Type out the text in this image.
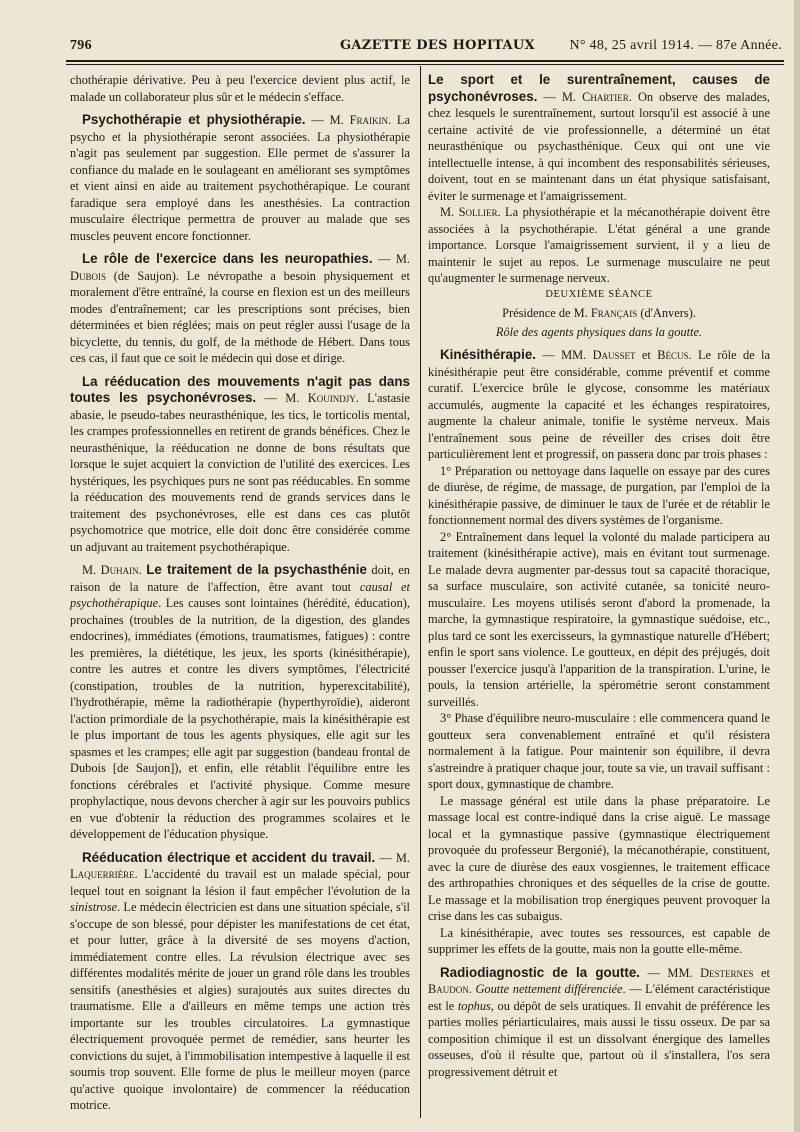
796	GAZETTE DES HOPITAUX N° 48, 25 avril 1914. — 87e Année.

chothérapie dérivative. Peu à peu l'exercice devient plus actif, le malade un collaborateur plus sûr et le médecin s'efface.

Psychothérapie et physiothérapie. — M. Fraikin. La psycho et la physiothérapie seront associées. La physiothérapie n'agit pas seulement par suggestion. Elle permet de s'assurer la confiance du malade en le soulageant en améliorant ses symptômes et vient ainsi en aide au traitement psychothérapique. Le courant faradique sera employé dans les anesthésies. La contraction musculaire électrique permettra de prouver au malade que ses muscles peuvent encore fonctionner.

Le rôle de l'exercice dans les neuropathies. — M. Dubois (de Saujon). Le névropathe a besoin physiquement et moralement d'être entraîné, la course en flexion est un des meilleurs modes d'entraînement; car les prescriptions sont précises, bien déterminées et bien réglées; mais on peut régler aussi l'usage de la bicyclette, du tennis, du golf, de la méthode de Hébert. Dans tous ces cas, il faut que ce soit le médecin qui dose et dirige.

La rééducation des mouvements n'agit pas dans toutes les psychonévroses. — M. Kouindjy. L'astasie abasie, le pseudo-tabes neurasthénique, les tics, le torticolis mental, les crampes professionnelles en retirent de grands bénéfices. Chez le neurasthénique, la rééducation ne donne de bons résultats que lorsque le sujet acquiert la conviction de l'utilité des exercices. Les hystériques, les psychiques purs ne sont pas rééducables. En somme la rééducation des mouvements rend de grands services dans le traitement des psychonévroses, elle est dans ces cas plutôt psychomotrice que motrice, elle doit donc être considérée comme un adjuvant au traitement psychothérapique.

M. Duhain. Le traitement de la psychasthénie doit, en raison de la nature de l'affection, être avant tout causal et psychothérapique. Les causes sont lointaines (hérédité, éducation), prochaines (troubles de la nutrition, de la digestion, des glandes endocrines), immédiates (émotions, traumatismes, fatigues) : contre les premières, la diététique, les jeux, les sports (kinésithérapie), contre les autres et contre les divers symptômes, l'électricité (constipation, troubles de la nutrition, hyperexcitabilité), l'hydrothérapie, même la radiothérapie (hyperthyroïdie), aideront l'action primordiale de la psychothérapie, mais la kinésithérapie est le plus important de tous les agents physiques, elle agit sur les spasmes et les crampes; elle agit par suggestion (bandeau frontal de Dubois [de Saujon]), et enfin, elle rétablit l'équilibre entre les fonctions cérébrales et l'activité physique. Comme mesure prophylactique, nous devons chercher à agir sur les pouvoirs publics en vue d'obtenir la réduction des programmes scolaires et le développement de l'éducation physique.

Rééducation électrique et accident du travail. — M. Laquerrière. L'accidenté du travail est un malade spécial, pour lequel tout en soignant la lésion il faut empêcher l'évolution de la sinistrose. Le médecin électricien est dans une situation spéciale, s'il s'occupe de son blessé, pour dépister les manifestations de cet état, et pour lutter, grâce à la diversité de ses moyens d'action, immédiatement contre elles. La révulsion électrique avec ses différentes modalités mérite de jouer un grand rôle dans les troubles sensitifs (anesthésies et algies) surajoutés aux suites directes du traumatisme. Elle a d'ailleurs en même temps une action très importante sur les troubles circulatoires. La gymnastique électriquement provoquée permet de remédier, sans heurter les convictions du sujet, à l'immobilisation intempestive à laquelle il est soumis trop souvent. Elle forme de plus le meilleur moyen (parce qu'active quoique involontaire) de commencer la rééducation motrice.

Le sport et le surentraînement, causes de psychonévroses. — M. Chartier. On observe des malades, chez lesquels le surentraînement, surtout lorsqu'il est associé à une certaine activité de vie professionnelle, a déterminé un état neurasthénique ou psychasthénique. Ceux qui ont une vie intellectuelle intense, à qui incombent des responsabilités sérieuses, doivent, tout en se maintenant dans un état physique satisfaisant, éviter le surmenage et l'amaigrissement.

M. Sollier. La physiothérapie et la mécanothérapie doivent être associées à la psychothérapie. L'état général a une grande importance. Lorsque l'amaigrissement survient, il y a lieu de maintenir le sujet au repos. Le surmenage musculaire ne peut qu'augmenter le surmenage nerveux.

DEUXIÈME SÉANCE

Présidence de M. Français (d'Anvers).

Rôle des agents physiques dans la goutte.

Kinésithérapie. — MM. Dausset et Bécus. Le rôle de la kinésithérapie peut être considérable, comme préventif et comme curatif. L'exercice brûle le glycose, consomme les matériaux accumulés, augmente la capacité et les échanges respiratoires, augmente la chaleur animale, tonifie le système nerveux. Mais l'entraînement sous peine de réveiller des crises doit être particulièrement lent et progressif, on passera donc par trois phases :

1° Préparation ou nettoyage dans laquelle on essaye par des cures de diurèse, de régime, de massage, de purgation, par l'emploi de la kinésithérapie passive, de diminuer le taux de l'urée et de rétablir le fonctionnement normal des divers systèmes de l'organisme.

2° Entraînement dans lequel la volonté du malade participera au traitement (kinésithérapie active), mais en évitant tout surmenage. Le malade devra augmenter par-dessus tout sa capacité thoracique, sa surface musculaire, son activité cutanée, sa tonicité neuro-musculaire. Les moyens utilisés seront d'abord la promenade, la marche, la gymnastique respiratoire, la gymnastique suédoise, etc., plus tard ce sont les exercisseurs, la gymnastique naturelle d'Hébert; enfin le sport sans violence. Le goutteux, en dépit des préjugés, doit pousser l'exercice jusqu'à l'apparition de la transpiration. L'urine, le pouls, la tension artérielle, la spérométrie seront constamment surveillés.

3° Phase d'équilibre neuro-musculaire : elle commencera quand le goutteux sera convenablement entraîné et qu'il résistera normalement à la fatigue. Pour maintenir son équilibre, il devra s'astreindre à pratiquer chaque jour, toute sa vie, un travail suffisant : sport doux, gymnastique de chambre.

Le massage général est utile dans la phase préparatoire. Le massage local est contre-indiqué dans la crise aiguë. Le massage local et la gymnastique passive (gymnastique électriquement provoquée du professeur Bergonié), la mécanothérapie, constituent, avec la cure de diurèse des eaux vosgiennes, le traitement efficace des arthropathies chroniques et des séquelles de la crise de goutte. Le massage et la mobilisation trop énergiques peuvent provoquer la crise dans les cas subaigus.

La kinésithérapie, avec toutes ses ressources, est capable de supprimer les effets de la goutte, mais non la goutte elle-même.

Radiodiagnostic de la goutte. — MM. Desternes et Baudon. Goutte nettement différenciée. — L'élément caractéristique est le tophus, ou dépôt de sels uratiques. Il envahit de préférence les parties molles périarticulaires, mais aussi le tissu osseux. De par sa composition chimique il est un dissolvant énergique des lamelles osseuses, d'où il résulte que, partout où il s'installera, l'os sera progressivement détruit et
